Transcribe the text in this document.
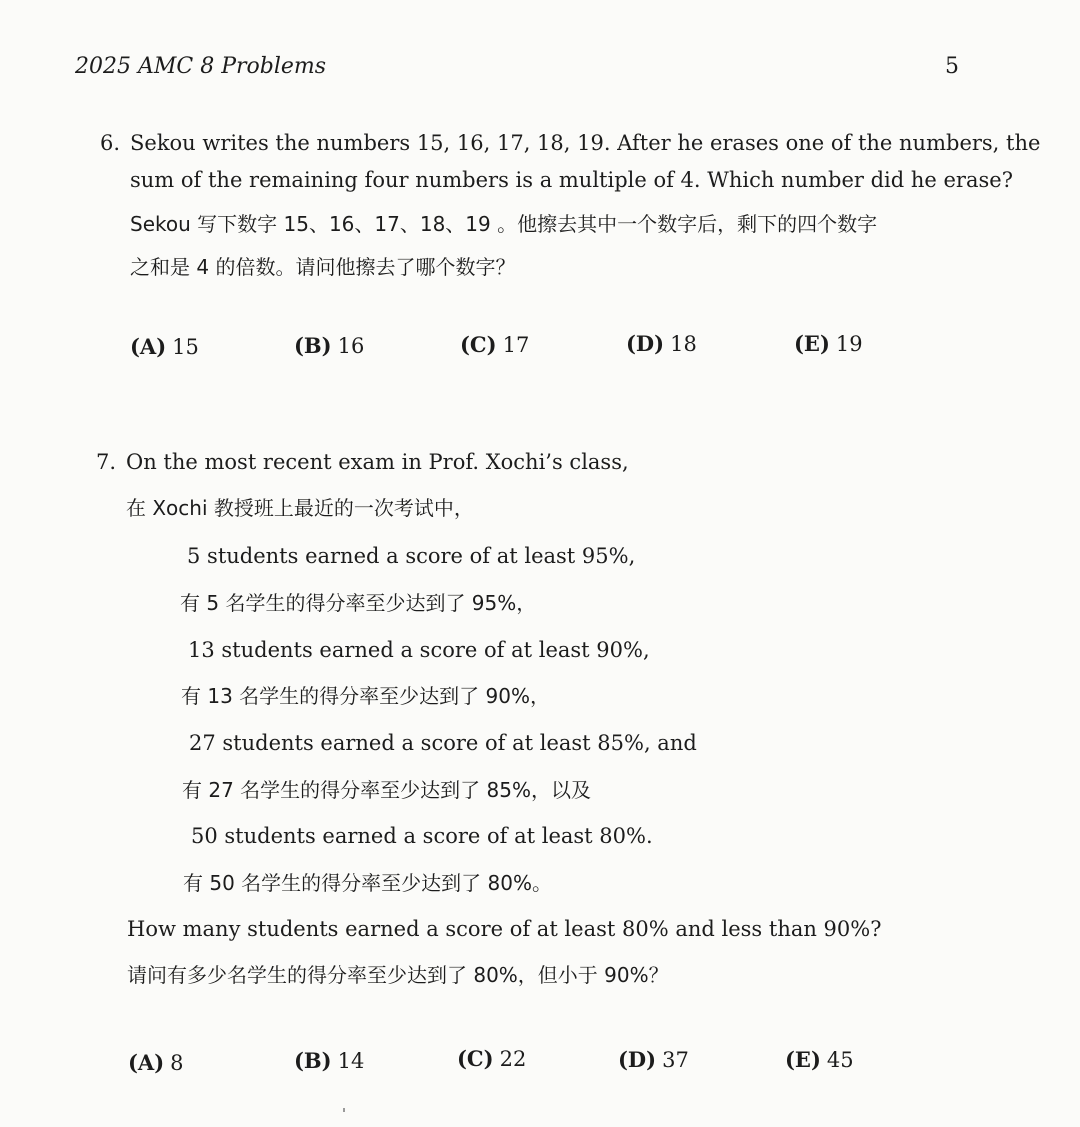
2025 AMC 8 Problems	5
6. Sekou writes the numbers 15, 16, 17, 18, 19. After he erases one of the numbers, the
sum of the remaining four numbers is a multiple of 4. Which number did he erase?
Sekou 写下数字 15、16、17、18、19 。他擦去其中一个数字后，剩下的四个数字
之和是 4 的倍数。请问他擦去了哪个数字？
(A) 15	(B) 16	(C) 17	(D) 18	(E) 19
7. On the most recent exam in Prof. Xochi’s class,
在 Xochi 教授班上最近的一次考试中，
5 students earned a score of at least 95%,
有 5 名学生的得分率至少达到了 95%，
13 students earned a score of at least 90%,
有 13 名学生的得分率至少达到了 90%，
27 students earned a score of at least 85%, and
有 27 名学生的得分率至少达到了 85%，以及
50 students earned a score of at least 80%.
有 50 名学生的得分率至少达到了 80%。
How many students earned a score of at least 80% and less than 90%?
请问有多少名学生的得分率至少达到了 80%，但小于 90%？
(A) 8	(B) 14	(C) 22	(D) 37	(E) 45
